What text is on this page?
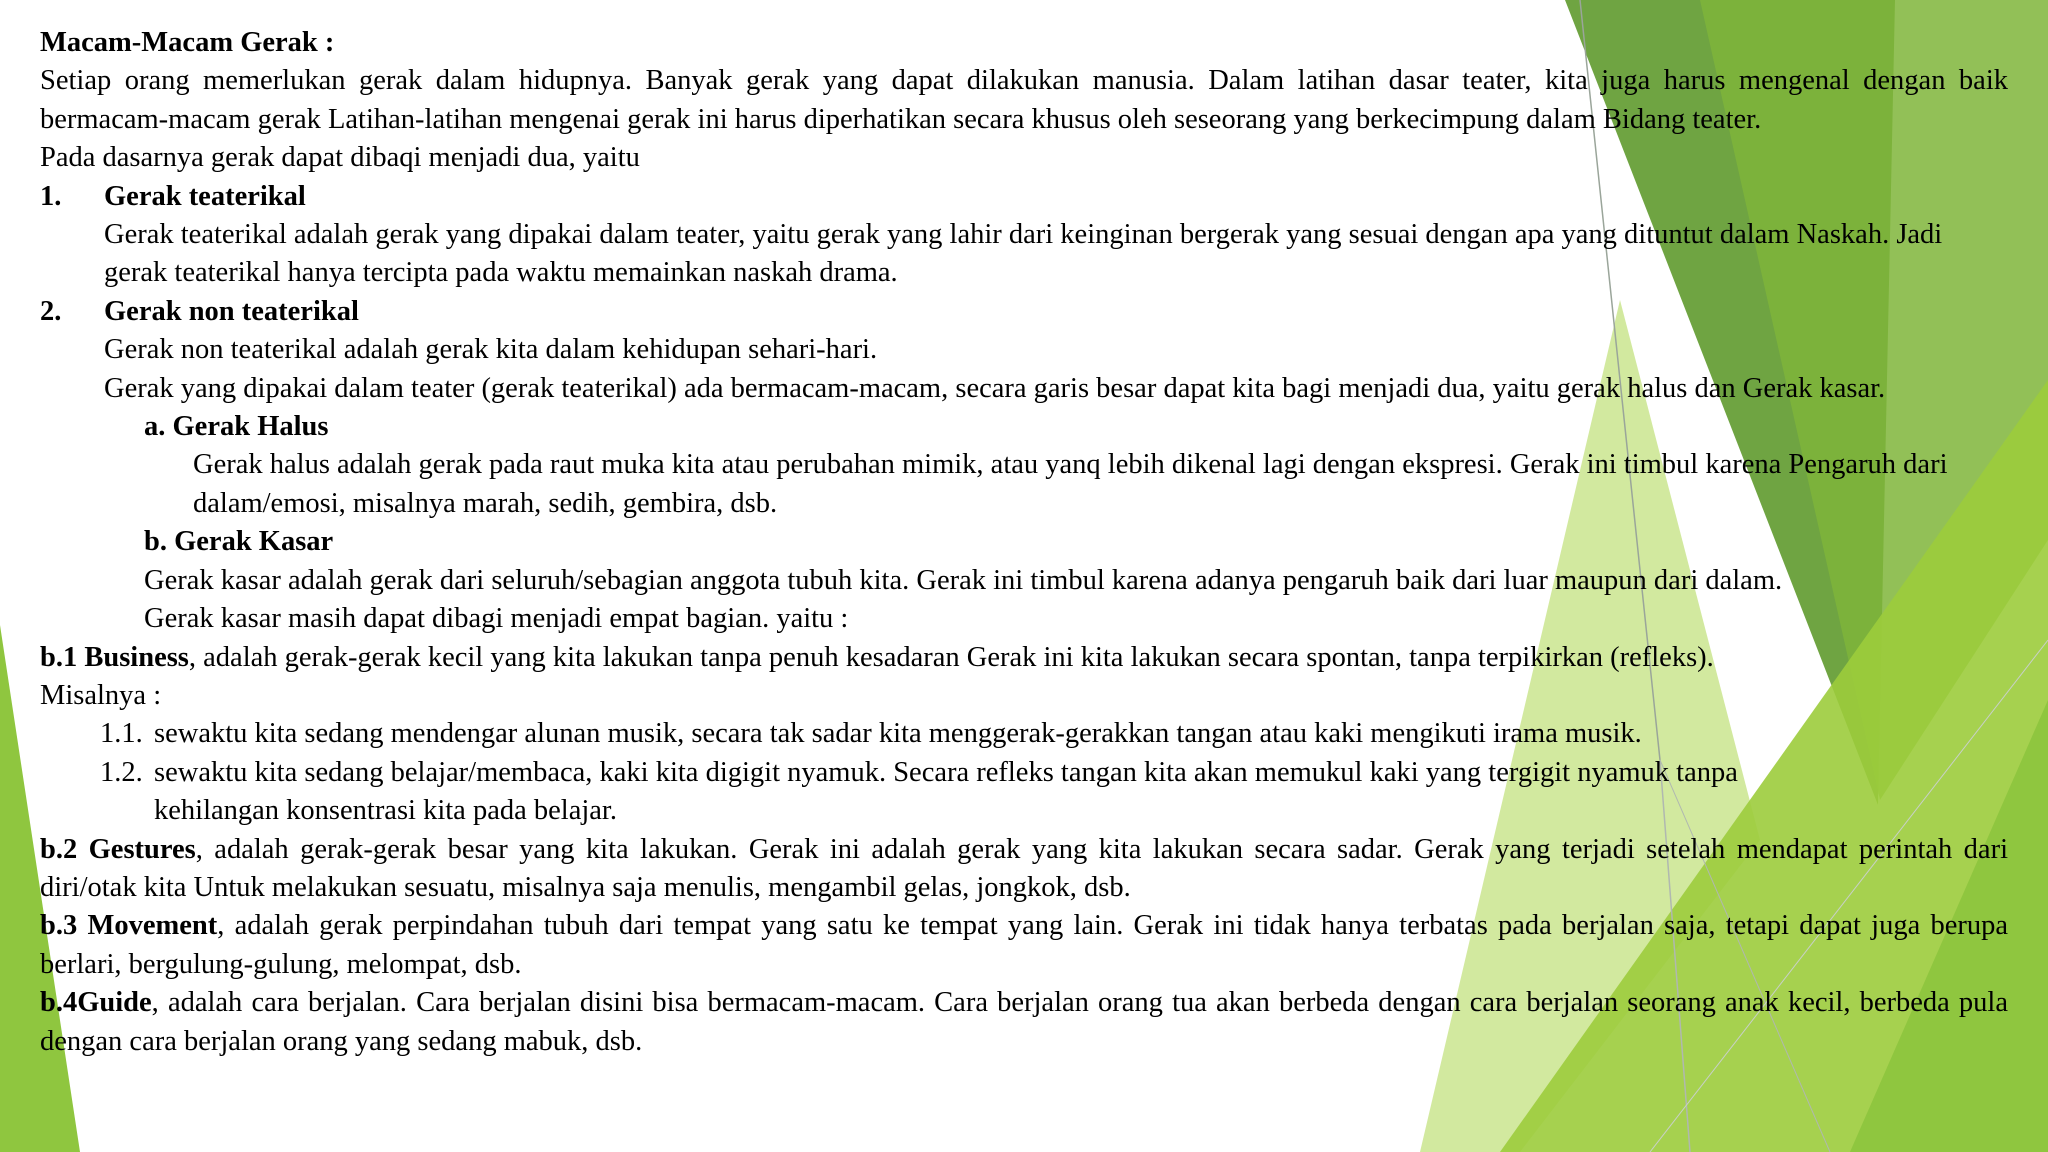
Macam-Macam Gerak :

Setiap orang memerlukan gerak dalam hidupnya. Banyak gerak yang dapat dilakukan manusia. Dalam latihan dasar teater, kita juga harus mengenal dengan baik bermacam-macam gerak Latihan-latihan mengenai gerak ini harus diperhatikan secara khusus oleh seseorang yang berkecimpung dalam Bidang teater.

Pada dasarnya gerak dapat dibaqi menjadi dua, yaitu

1.	Gerak teaterikal

Gerak teaterikal adalah gerak yang dipakai dalam teater, yaitu gerak yang lahir dari keinginan bergerak yang sesuai dengan apa yang dituntut dalam Naskah. Jadi gerak teaterikal hanya tercipta pada waktu memainkan naskah drama.

2.	Gerak non teaterikal

Gerak non teaterikal adalah gerak kita dalam kehidupan sehari-hari.

Gerak yang dipakai dalam teater (gerak teaterikal) ada bermacam-macam, secara garis besar dapat kita bagi menjadi dua, yaitu gerak halus dan Gerak kasar.

a. Gerak Halus

Gerak halus adalah gerak pada raut muka kita atau perubahan mimik, atau yanq lebih dikenal lagi dengan ekspresi. Gerak ini timbul karena Pengaruh dari dalam/emosi, misalnya marah, sedih, gembira, dsb.

b. Gerak Kasar

Gerak kasar adalah gerak dari seluruh/sebagian anggota tubuh kita. Gerak ini timbul karena adanya pengaruh baik dari luar maupun dari dalam.

Gerak kasar masih dapat dibagi menjadi empat bagian. yaitu :

b.1 Business, adalah gerak-gerak kecil yang kita lakukan tanpa penuh kesadaran Gerak ini kita lakukan secara spontan, tanpa terpikirkan (refleks).

Misalnya :

1.1. sewaktu kita sedang mendengar alunan musik, secara tak sadar kita menggerak-gerakkan tangan atau kaki mengikuti irama musik.
1.2. sewaktu kita sedang belajar/membaca, kaki kita digigit nyamuk. Secara refleks tangan kita akan memukul kaki yang tergigit nyamuk tanpa

kehilangan konsentrasi kita pada belajar.

b.2 Gestures, adalah gerak-gerak besar yang kita lakukan. Gerak ini adalah gerak yang kita lakukan secara sadar. Gerak yang terjadi setelah mendapat perintah dari diri/otak kita Untuk melakukan sesuatu, misalnya saja menulis, mengambil gelas, jongkok, dsb.

b.3 Movement, adalah gerak perpindahan tubuh dari tempat yang satu ke tempat yang lain. Gerak ini tidak hanya terbatas pada berjalan saja, tetapi dapat juga berupa berlari, bergulung-gulung, melompat, dsb.

b.4Guide, adalah cara berjalan. Cara berjalan disini bisa bermacam-macam. Cara berjalan orang tua akan berbeda dengan cara berjalan seorang anak kecil, berbeda pula dengan cara berjalan orang yang sedang mabuk, dsb.
